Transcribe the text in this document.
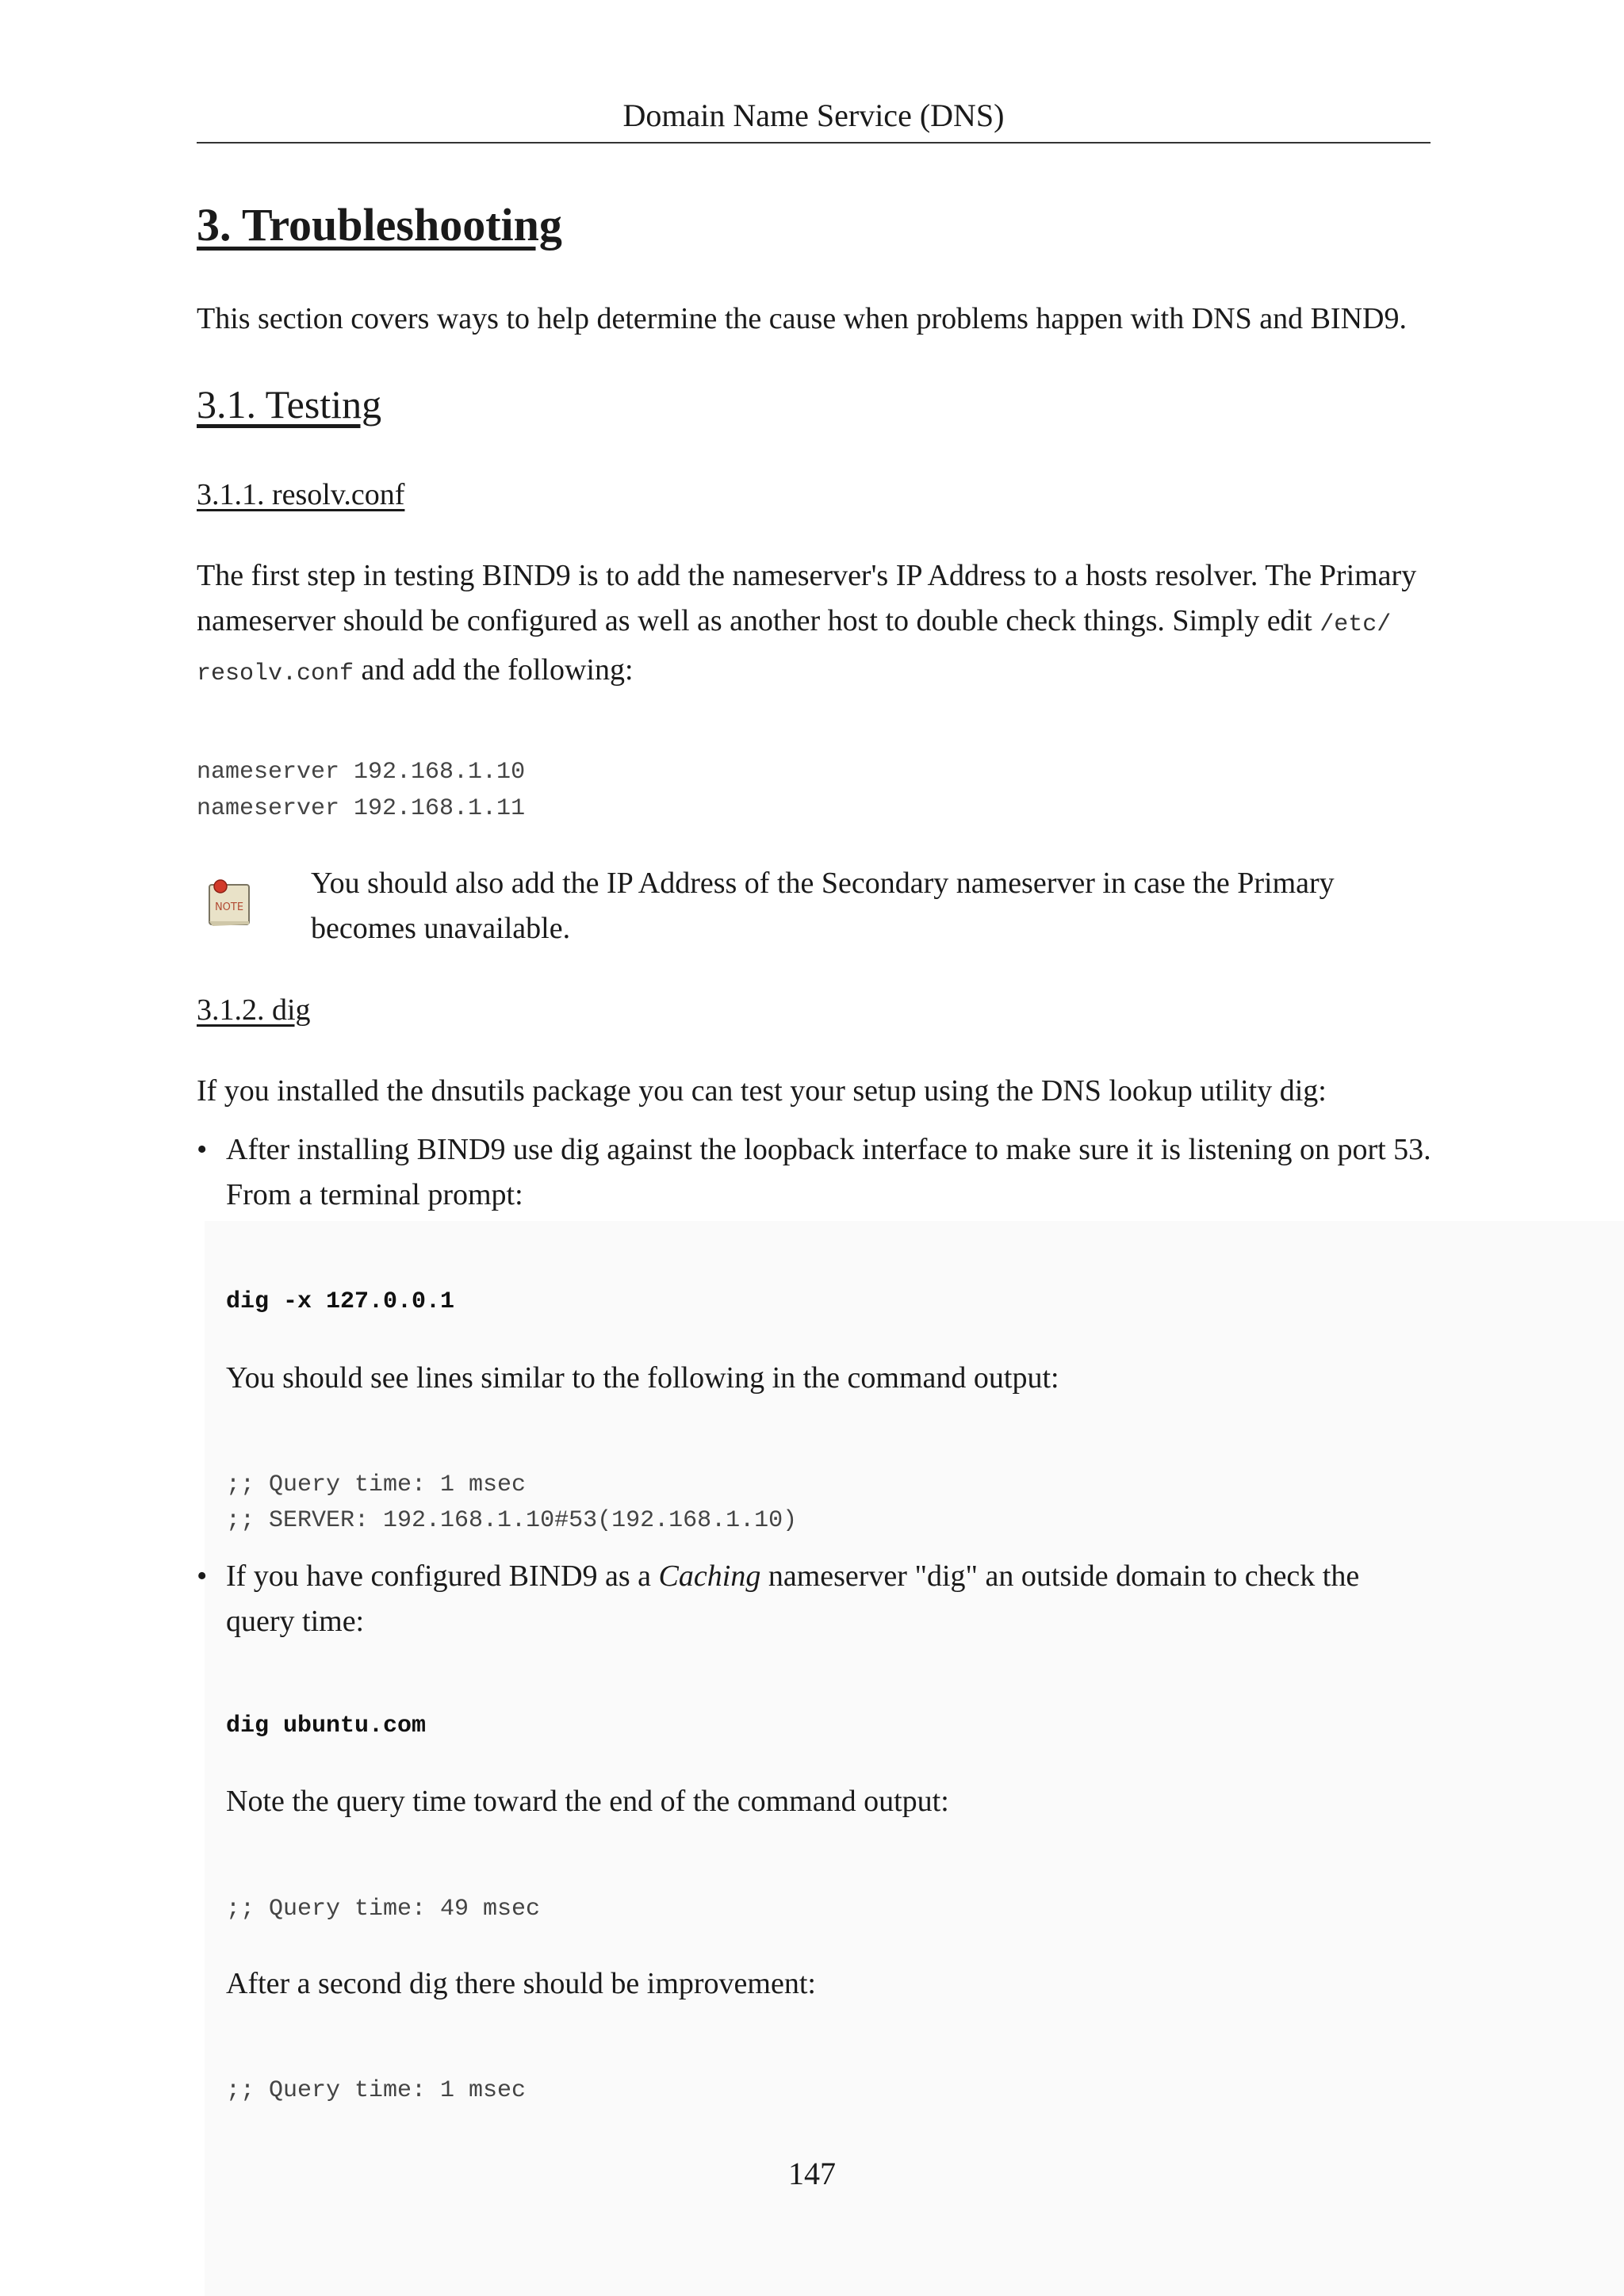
Domain Name Service (DNS)
3. Troubleshooting
This section covers ways to help determine the cause when problems happen with DNS and BIND9.
3.1. Testing
3.1.1. resolv.conf
The first step in testing BIND9 is to add the nameserver's IP Address to a hosts resolver. The Primary nameserver should be configured as well as another host to double check things. Simply edit /etc/
resolv.conf and add the following:
nameserver 192.168.1.10
nameserver 192.168.1.11
NOTE
You should also add the IP Address of the Secondary nameserver in case the Primary becomes unavailable.
3.1.2. dig
If you installed the dnsutils package you can test your setup using the DNS lookup utility dig:
• After installing BIND9 use dig against the loopback interface to make sure it is listening on port 53. From a terminal prompt:
dig -x 127.0.0.1
You should see lines similar to the following in the command output:
;; Query time: 1 msec
;; SERVER: 192.168.1.10#53(192.168.1.10)
• If you have configured BIND9 as a Caching nameserver "dig" an outside domain to check the query time:
dig ubuntu.com
Note the query time toward the end of the command output:
;; Query time: 49 msec
After a second dig there should be improvement:
;; Query time: 1 msec
147
